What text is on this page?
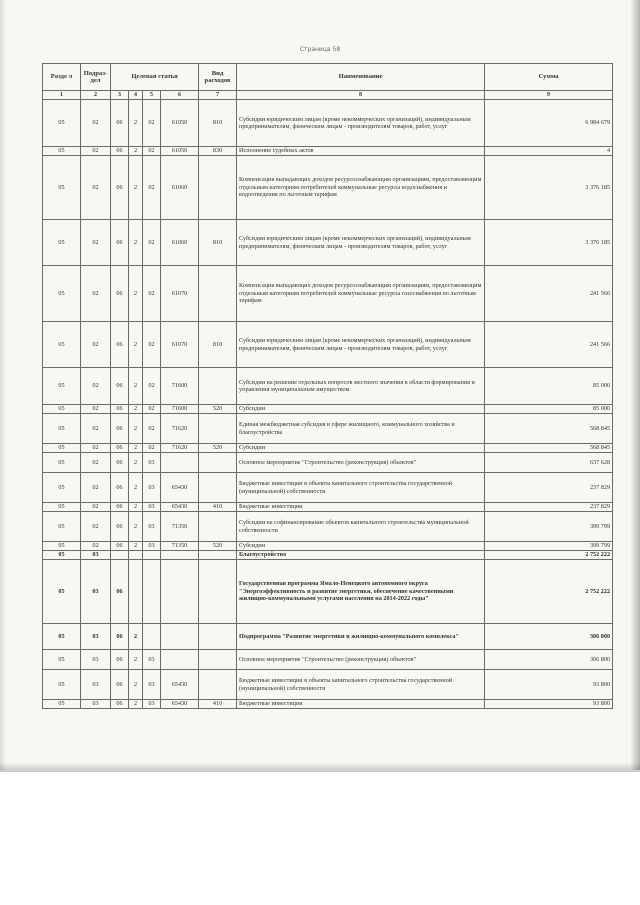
Страница 58
Разде л	Подраз- дел	Целевая статья				Вид расходов	Наименование	Сумма
1	2	3	4	5	6	7	8	9
05	02	06	2	02	61050	810	Субсидии юридическим лицам (кроме некоммерческих организаций), индивидуальным предпринимателям, физическим лицам - производителям товаров, работ, услуг	6 984 679
05	02	06	2	02	61050	830	Исполнение судебных актов	4
05	02	06	2	02	61060		Компенсация выпадающих доходов ресурсоснабжающим организациям, предоставляющим отдельным категориям потребителей коммунальные ресурсы водоснабжения и водоотведения по льготным тарифам	3 376 185
05	02	06	2	02	61060	810	Субсидии юридическим лицам (кроме некоммерческих организаций), индивидуальным предпринимателям, физическим лицам - производителям товаров, работ, услуг	3 376 185
05	02	06	2	02	61070		Компенсация выпадающих доходов ресурсоснабжающим организациям, предоставляющим отдельным категориям потребителей коммунальные ресурсы газоснабжения по льготным тарифам	241 566
05	02	06	2	02	61070	810	Субсидии юридическим лицам (кроме некоммерческих организаций), индивидуальным предпринимателям, физическим лицам - производителям товаров, работ, услуг	241 566
05	02	06	2	02	71600		Субсидии на решение отдельных вопросов местного значения в области формирования и управления муниципальным имуществом	85 000
05	02	06	2	02	71600	520	Субсидии	85 000
05	02	06	2	02	71620		Единая межбюджетная субсидия в сфере жилищного, коммунального хозяйства и благоустройства	568 845
05	02	06	2	02	71620	520	Субсидии	568 845
05	02	06	2	03			Основное мероприятие "Строительство (реконструкция) объектов"	637 628
05	02	06	2	03	65430		Бюджетные инвестиции в объекты капитального строительства государственной (муниципальной) собственности	237 829
05	02	06	2	03	65430	410	Бюджетные инвестиции	237 829
05	02	06	2	03	71350		Субсидии на софинансирование объектов капитального строительства муниципальной собственности	399 799
05	02	06	2	03	71350	520	Субсидии	399 799
05	03						Благоустройство	2 752 222
05	03	06					Государственная программа Ямало-Ненецкого автономного округа "Энергоэффективность и развитие энергетики, обеспечение качественными жилищно-коммунальными услугами населения на 2014-2022 годы"	2 752 222
05	03	06	2				Подпрограмма "Развитие энергетики и жилищно-коммунального комплекса"	306 800
05	03	06	2	03			Основное мероприятие "Строительство (реконструкция) объектов"	306 800
05	03	06	2	03	65430		Бюджетные инвестиции в объекты капитального строительства государственной (муниципальной) собственности	93 800
05	03	06	2	03	65430	410	Бюджетные инвестиции	93 800
